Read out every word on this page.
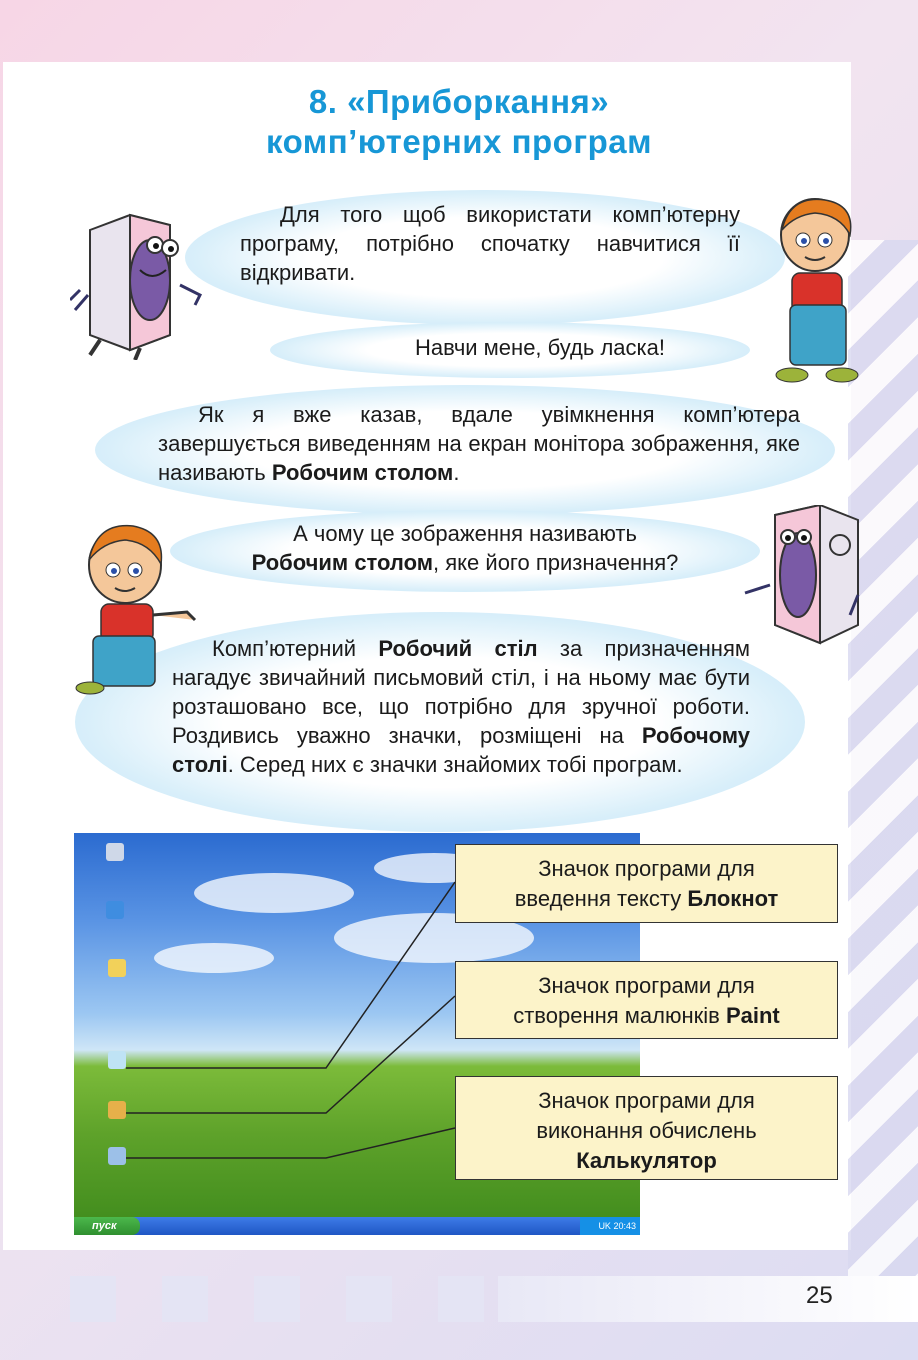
8. «Приборкання»
комп’ютерних програм
Для того щоб використати комп’ютерну програму, потрібно спочатку навчитися її відкривати.
Навчи мене, будь ласка!
Як я вже казав, вдале увімкнення комп’ютера завершується виведенням на екран монітора зображення, яке називають Робочим столом.
А чому це зображення називають
Робочим столом, яке його призначення?
Комп’ютерний Робочий стіл за призначенням нагадує звичайний письмовий стіл, і на ньому має бути розташовано все, що потрібно для зручної роботи. Роздивись уважно значки, розміщені на Робочому столі. Серед них є значки знайомих тобі програм.
пуск	UK 20:43
Значок програми для
введення тексту Блокнот
Значок програми для
створення малюнків Paint
Значок програми для
виконання обчислень
Калькулятор
25
